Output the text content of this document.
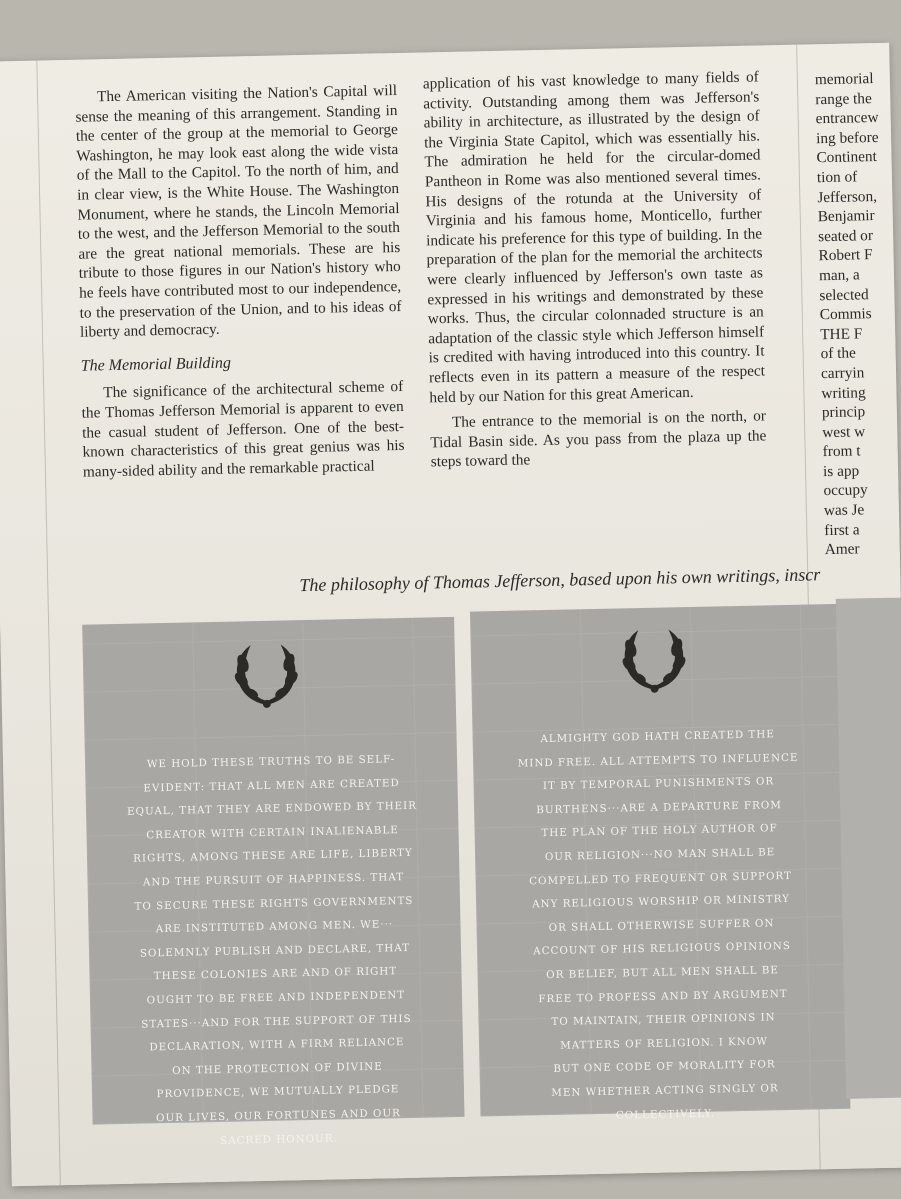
The American visiting the Nation's Capital will sense the meaning of this arrangement. Standing in the center of the group at the memorial to George Washington, he may look east along the wide vista of the Mall to the Capitol. To the north of him, and in clear view, is the White House. The Washington Monument, where he stands, the Lincoln Memorial to the west, and the Jefferson Memorial to the south are the great national memorials. These are his tribute to those figures in our Nation's history who he feels have contributed most to our independence, to the preservation of the Union, and to his ideas of liberty and democracy.

The Memorial Building

The significance of the architectural scheme of the Thomas Jefferson Memorial is apparent to even the casual student of Jefferson. One of the best-known characteristics of this great genius was his many-sided ability and the remarkable practical

application of his vast knowledge to many fields of activity. Outstanding among them was Jefferson's ability in architecture, as illustrated by the design of the Virginia State Capitol, which was essentially his. The admiration he held for the circular-domed Pantheon in Rome was also mentioned several times. His designs of the rotunda at the University of Virginia and his famous home, Monticello, further indicate his preference for this type of building. In the preparation of the plan for the memorial the architects were clearly influenced by Jefferson's own taste as expressed in his writings and demonstrated by these works. Thus, the circular colonnaded structure is an adaptation of the classic style which Jefferson himself is credited with having introduced into this country. It reflects even in its pattern a measure of the respect held by our Nation for this great American.

The entrance to the memorial is on the north, or Tidal Basin side. As you pass from the plaza up the steps toward the

memorial
range the
entrancew
ing before
Continent
tion of
Jefferson,
Benjamir
seated or
Robert F
man, a
selected
Commis
THE F
of the
carryin
writing
princip
west w
from t
is app
occupy
was Je
first a
Amer
The philosophy of Thomas Jefferson, based upon his own writings, inscr
WE HOLD THESE TRUTHS TO BE SELF-
EVIDENT: THAT ALL MEN ARE CREATED
EQUAL, THAT THEY ARE ENDOWED BY THEIR
CREATOR WITH CERTAIN INALIENABLE
RIGHTS, AMONG THESE ARE LIFE, LIBERTY
AND THE PURSUIT OF HAPPINESS. THAT
TO SECURE THESE RIGHTS GOVERNMENTS
ARE INSTITUTED AMONG MEN. WE···
SOLEMNLY PUBLISH AND DECLARE, THAT
THESE COLONIES ARE AND OF RIGHT
OUGHT TO BE FREE AND INDEPENDENT
STATES···AND FOR THE SUPPORT OF THIS
DECLARATION, WITH A FIRM RELIANCE
ON THE PROTECTION OF DIVINE
PROVIDENCE, WE MUTUALLY PLEDGE
OUR LIVES, OUR FORTUNES AND OUR
SACRED HONOUR.
ALMIGHTY GOD HATH CREATED THE
MIND FREE. ALL ATTEMPTS TO INFLUENCE
IT BY TEMPORAL PUNISHMENTS OR
BURTHENS···ARE A DEPARTURE FROM
THE PLAN OF THE HOLY AUTHOR OF
OUR RELIGION···NO MAN SHALL BE
COMPELLED TO FREQUENT OR SUPPORT
ANY RELIGIOUS WORSHIP OR MINISTRY
OR SHALL OTHERWISE SUFFER ON
ACCOUNT OF HIS RELIGIOUS OPINIONS
OR BELIEF, BUT ALL MEN SHALL BE
FREE TO PROFESS AND BY ARGUMENT
TO MAINTAIN, THEIR OPINIONS IN
MATTERS OF RELIGION. I KNOW
BUT ONE CODE OF MORALITY FOR
MEN WHETHER ACTING SINGLY OR
COLLECTIVELY.
